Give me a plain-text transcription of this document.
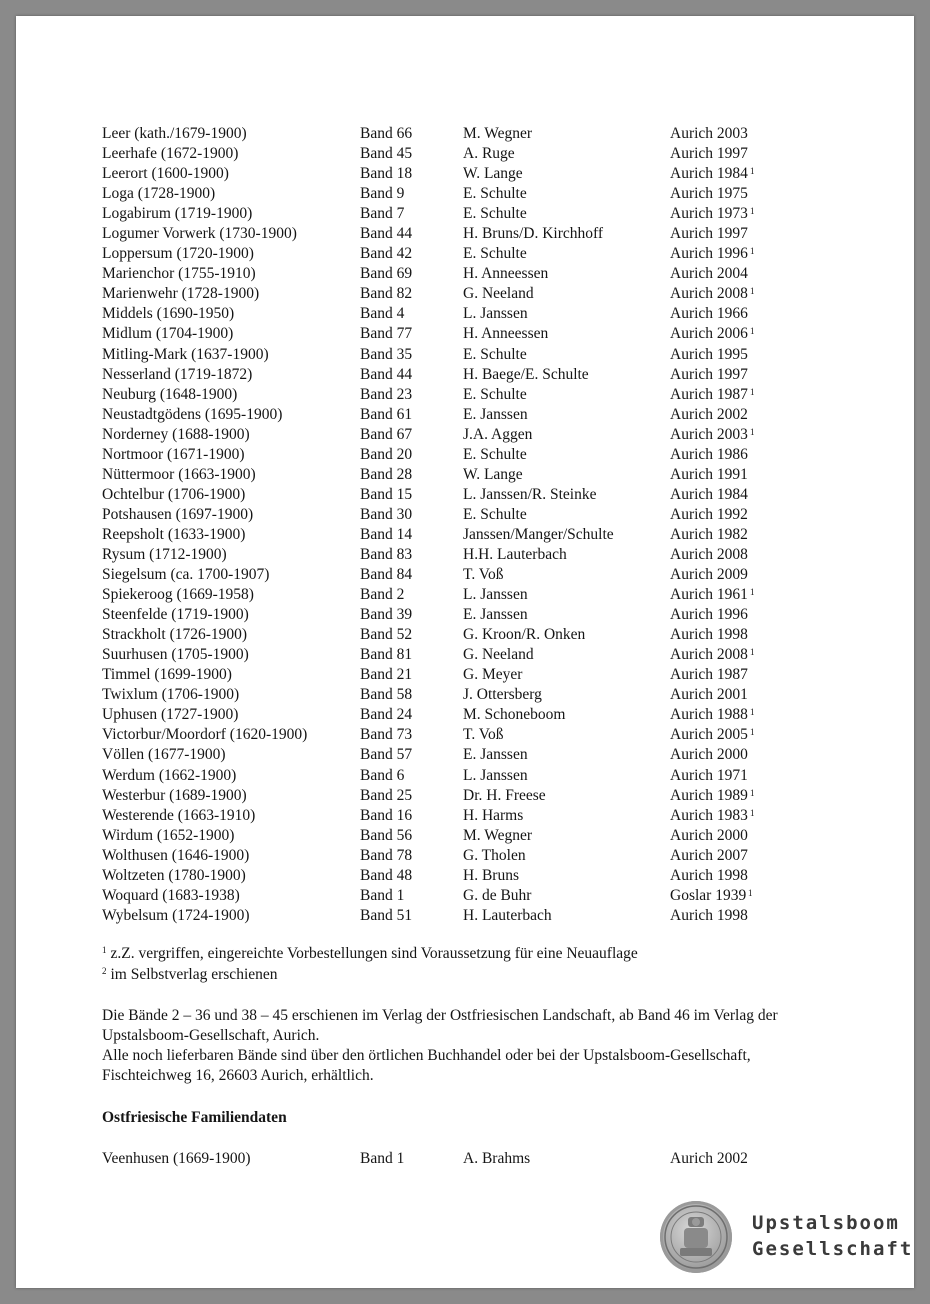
Leer (kath./1679-1900)	Band 66	M. Wegner	Aurich 2003
Leerhafe (1672-1900)	Band 45	A. Ruge	Aurich 1997
Leerort (1600-1900)	Band 18	W. Lange	Aurich 1984 1
Loga (1728-1900)	Band 9	E. Schulte	Aurich 1975
Logabirum (1719-1900)	Band 7	E. Schulte	Aurich 1973 1
Logumer Vorwerk (1730-1900)	Band 44	H. Bruns/D. Kirchhoff	Aurich 1997
Loppersum (1720-1900)	Band 42	E. Schulte	Aurich 1996 1
Marienchor (1755-1910)	Band 69	H. Anneessen	Aurich 2004
Marienwehr (1728-1900)	Band 82	G. Neeland	Aurich 2008 1
Middels (1690-1950)	Band 4	L. Janssen	Aurich 1966
Midlum (1704-1900)	Band 77	H. Anneessen	Aurich 2006 1
Mitling-Mark (1637-1900)	Band 35	E. Schulte	Aurich 1995
Nesserland (1719-1872)	Band 44	H. Baege/E. Schulte	Aurich 1997
Neuburg (1648-1900)	Band 23	E. Schulte	Aurich 1987 1
Neustadtgödens (1695-1900)	Band 61	E. Janssen	Aurich 2002
Norderney (1688-1900)	Band 67	J.A. Aggen	Aurich 2003 1
Nortmoor (1671-1900)	Band 20	E. Schulte	Aurich 1986
Nüttermoor (1663-1900)	Band 28	W. Lange	Aurich 1991
Ochtelbur (1706-1900)	Band 15	L. Janssen/R. Steinke	Aurich 1984
Potshausen (1697-1900)	Band 30	E. Schulte	Aurich 1992
Reepsholt (1633-1900)	Band 14	Janssen/Manger/Schulte	Aurich 1982
Rysum (1712-1900)	Band 83	H.H. Lauterbach	Aurich 2008
Siegelsum (ca. 1700-1907)	Band 84	T. Voß	Aurich 2009
Spiekeroog (1669-1958)	Band 2	L. Janssen	Aurich 1961 1
Steenfelde (1719-1900)	Band 39	E. Janssen	Aurich 1996
Strackholt (1726-1900)	Band 52	G. Kroon/R. Onken	Aurich 1998
Suurhusen (1705-1900)	Band 81	G. Neeland	Aurich 2008 1
Timmel (1699-1900)	Band 21	G. Meyer	Aurich 1987
Twixlum (1706-1900)	Band 58	J. Ottersberg	Aurich 2001
Uphusen (1727-1900)	Band 24	M. Schoneboom	Aurich 1988 1
Victorbur/Moordorf (1620-1900)	Band 73	T. Voß	Aurich 2005 1
Völlen (1677-1900)	Band 57	E. Janssen	Aurich 2000
Werdum (1662-1900)	Band 6	L. Janssen	Aurich 1971
Westerbur (1689-1900)	Band 25	Dr. H. Freese	Aurich 1989 1
Westerende (1663-1910)	Band 16	H. Harms	Aurich 1983 1
Wirdum (1652-1900)	Band 56	M. Wegner	Aurich 2000
Wolthusen (1646-1900)	Band 78	G. Tholen	Aurich 2007
Woltzeten (1780-1900)	Band 48	H. Bruns	Aurich 1998
Woquard (1683-1938)	Band 1	G. de Buhr	Goslar 1939 1
Wybelsum (1724-1900)	Band 51	H. Lauterbach	Aurich 1998
$^1$ z.Z. vergriffen, eingereichte Vorbestellungen sind Voraussetzung für eine Neuauflage
$^2$ im Selbstverlag erschienen

Die Bände 2 – 36 und 38 – 45 erschienen im Verlag der Ostfriesischen Landschaft, ab Band 46 im Verlag der Upstalsboom-Gesellschaft, Aurich.

Alle noch lieferbaren Bände sind über den örtlichen Buchhandel oder bei der Upstalsboom-Gesellschaft, Fischteichweg 16, 26603 Aurich, erhältlich.

Ostfriesische Familiendaten
Veenhusen (1669-1900)	Band 1	A. Brahms	Aurich 2002
Upstalsboom
Gesellschaft
